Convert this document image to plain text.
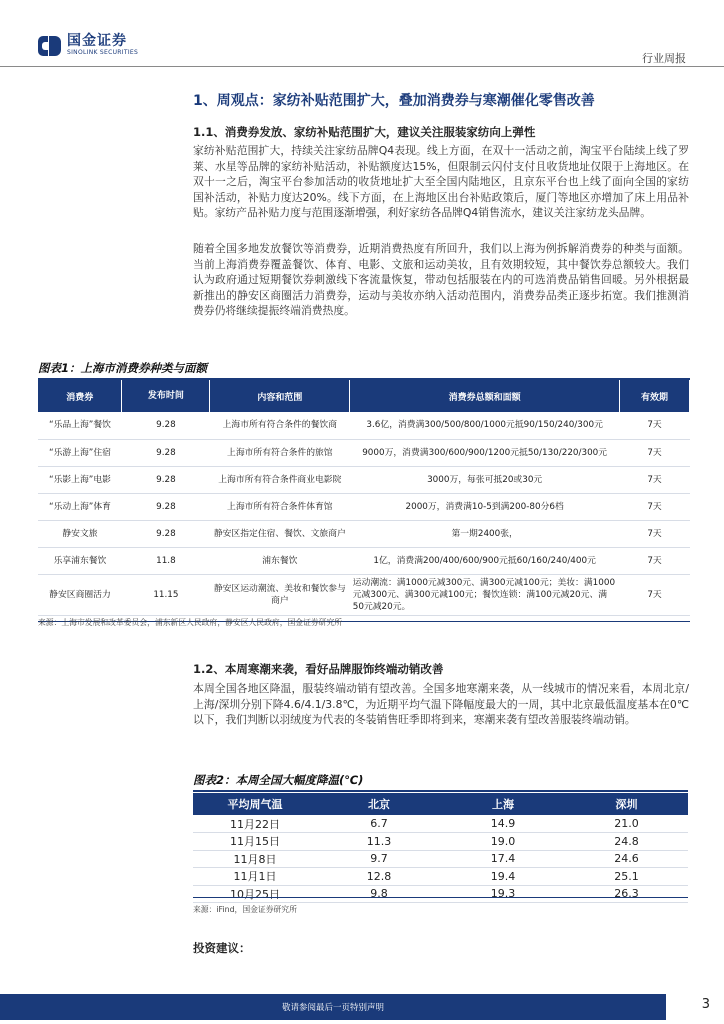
国金证券
SINOLINK SECURITIES	行业周报
1、周观点：家纺补贴范围扩大，叠加消费券与寒潮催化零售改善
1.1、消费券发放、家纺补贴范围扩大，建议关注服装家纺向上弹性
家纺补贴范围扩大，持续关注家纺品牌Q4表现。线上方面，在双十一活动之前，淘宝平台陆续上线了罗莱、水星等品牌的家纺补贴活动，补贴额度达15%，但限制云闪付支付且收货地址仅限于上海地区。在双十一之后，淘宝平台参加活动的收货地址扩大至全国内陆地区，且京东平台也上线了面向全国的家纺国补活动，补贴力度达20%。线下方面，在上海地区出台补贴政策后，厦门等地区亦增加了床上用品补贴。家纺产品补贴力度与范围逐渐增强，利好家纺各品牌Q4销售流水，建议关注家纺龙头品牌。
随着全国多地发放餐饮等消费券，近期消费热度有所回升，我们以上海为例拆解消费券的种类与面额。当前上海消费券覆盖餐饮、体育、电影、文旅和运动美妆，且有效期较短，其中餐饮券总额较大。我们认为政府通过短期餐饮券刺激线下客流量恢复，带动包括服装在内的可选消费品销售回暖。另外根据最新推出的静安区商圈活力消费券，运动与美妆亦纳入活动范围内，消费券品类正逐步拓宽。我们推测消费券仍将继续提振终端消费热度。
图表1：上海市消费券种类与面额
消费券	发布时间	内容和范围	消费券总额和面额	有效期
“乐品上海”餐饮	9.28	上海市所有符合条件的餐饮商	3.6亿，消费满300/500/800/1000元抵90/150/240/300元	7天
“乐游上海”住宿	9.28	上海市所有符合条件的旅馆	9000万，消费满300/600/900/1200元抵50/130/220/300元	7天
“乐影上海”电影	9.28	上海市所有符合条件商业电影院	3000万，每张可抵20或30元	7天
“乐动上海”体育	9.28	上海市所有符合条件体育馆	2000万，消费满10-5到满200-80分6档	7天
静安文旅	9.28	静安区指定住宿、餐饮、文旅商户	第一期2400张，	7天
乐享浦东餐饮	11.8	浦东餐饮	1亿，消费满200/400/600/900元抵60/160/240/400元	7天
静安区商圈活力	11.15	静安区运动潮流、美妆和餐饮参与商户	运动潮流：满1000元减300元、满300元减100元；美妆：满1000元减300元、满300元减100元；餐饮连锁：满100元减20元、满50元减20元。	7天
来源：上海市发展和改革委员会，浦东新区人民政府，静安区人民政府，国金证券研究所
1.2、本周寒潮来袭，看好品牌服饰终端动销改善
本周全国各地区降温，服装终端动销有望改善。全国多地寒潮来袭，从一线城市的情况来看，本周北京/上海/深圳分别下降4.6/4.1/3.8℃，为近期平均气温下降幅度最大的一周，其中北京最低温度基本在0℃以下，我们判断以羽绒度为代表的冬装销售旺季即将到来，寒潮来袭有望改善服装终端动销。
图表2：本周全国大幅度降温(℃)
平均周气温	北京	上海	深圳
11月22日	6.7	14.9	21.0
11月15日	11.3	19.0	24.8
11月8日	9.7	17.4	24.6
11月1日	12.8	19.4	25.1
10月25日	9.8	19.3	26.3
来源：iFind，国金证券研究所
投资建议：
敬请参阅最后一页特别声明	3
